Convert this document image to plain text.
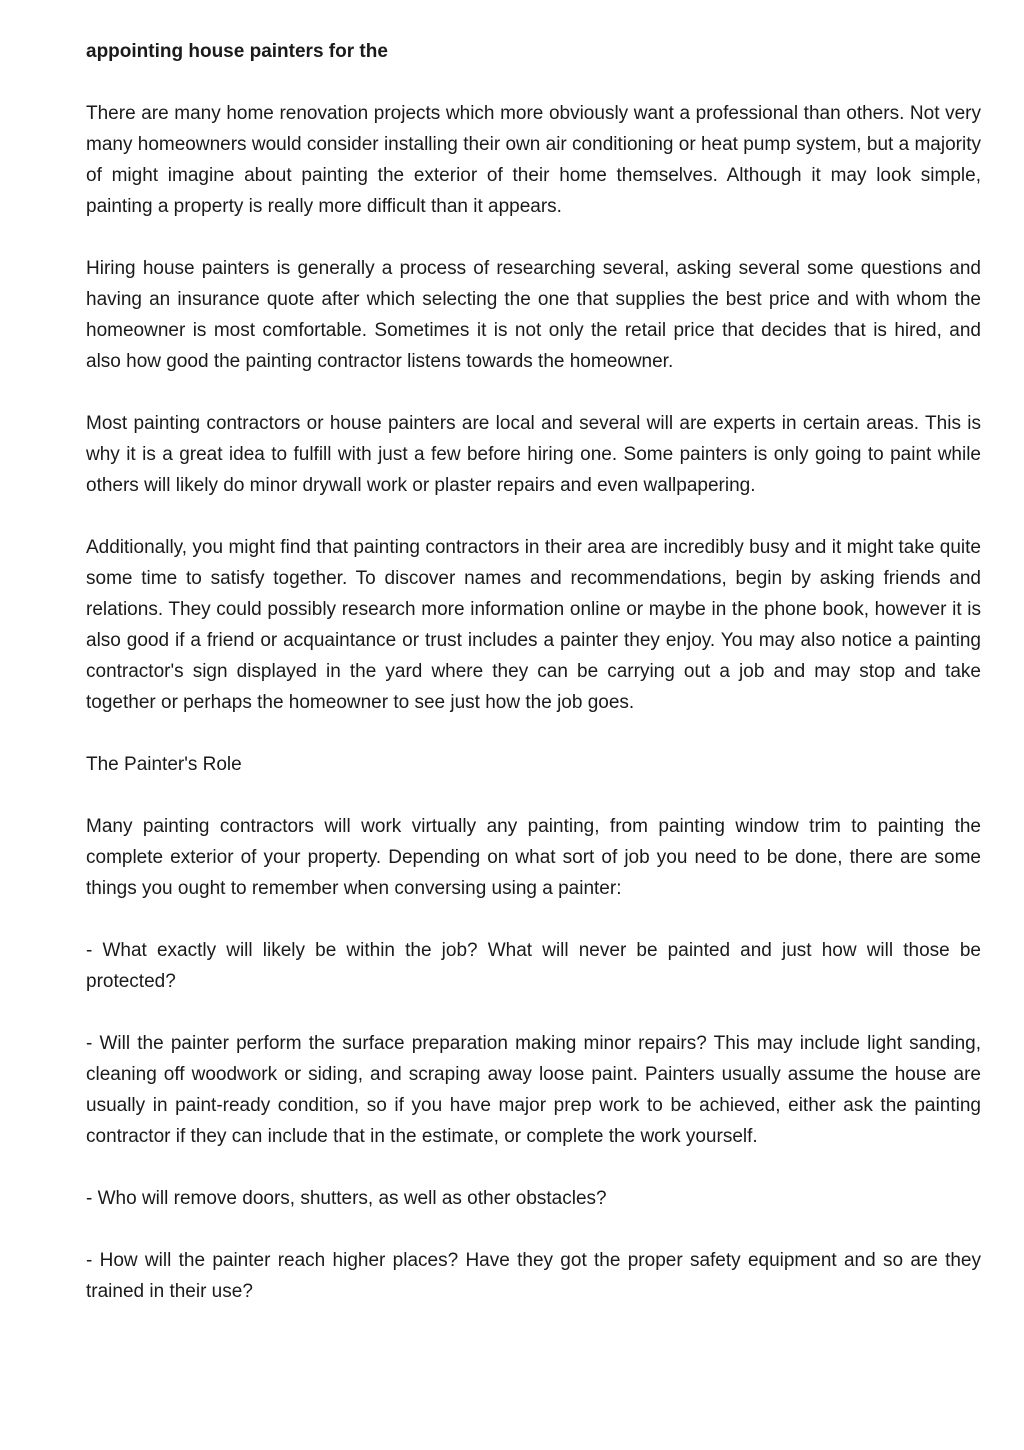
appointing house painters for the

There are many home renovation projects which more obviously want a professional than others. Not very many homeowners would consider installing their own air conditioning or heat pump system, but a majority of might imagine about painting the exterior of their home themselves. Although it may look simple, painting a property is really more difficult than it appears.

Hiring house painters is generally a process of researching several, asking several some questions and having an insurance quote after which selecting the one that supplies the best price and with whom the homeowner is most comfortable. Sometimes it is not only the retail price that decides that is hired, and also how good the painting contractor listens towards the homeowner.

Most painting contractors or house painters are local and several will are experts in certain areas. This is why it is a great idea to fulfill with just a few before hiring one. Some painters is only going to paint while others will likely do minor drywall work or plaster repairs and even wallpapering.

Additionally, you might find that painting contractors in their area are incredibly busy and it might take quite some time to satisfy together. To discover names and recommendations, begin by asking friends and relations. They could possibly research more information online or maybe in the phone book, however it is also good if a friend or acquaintance or trust includes a painter they enjoy. You may also notice a painting contractor's sign displayed in the yard where they can be carrying out a job and may stop and take together or perhaps the homeowner to see just how the job goes.

The Painter's Role

Many painting contractors will work virtually any painting, from painting window trim to painting the complete exterior of your property. Depending on what sort of job you need to be done, there are some things you ought to remember when conversing using a painter:

- What exactly will likely be within the job? What will never be painted and just how will those be protected?

- Will the painter perform the surface preparation making minor repairs? This may include light sanding, cleaning off woodwork or siding, and scraping away loose paint. Painters usually assume the house are usually in paint-ready condition, so if you have major prep work to be achieved, either ask the painting contractor if they can include that in the estimate, or complete the work yourself.

- Who will remove doors, shutters, as well as other obstacles?

- How will the painter reach higher places? Have they got the proper safety equipment and so are they trained in their use?
